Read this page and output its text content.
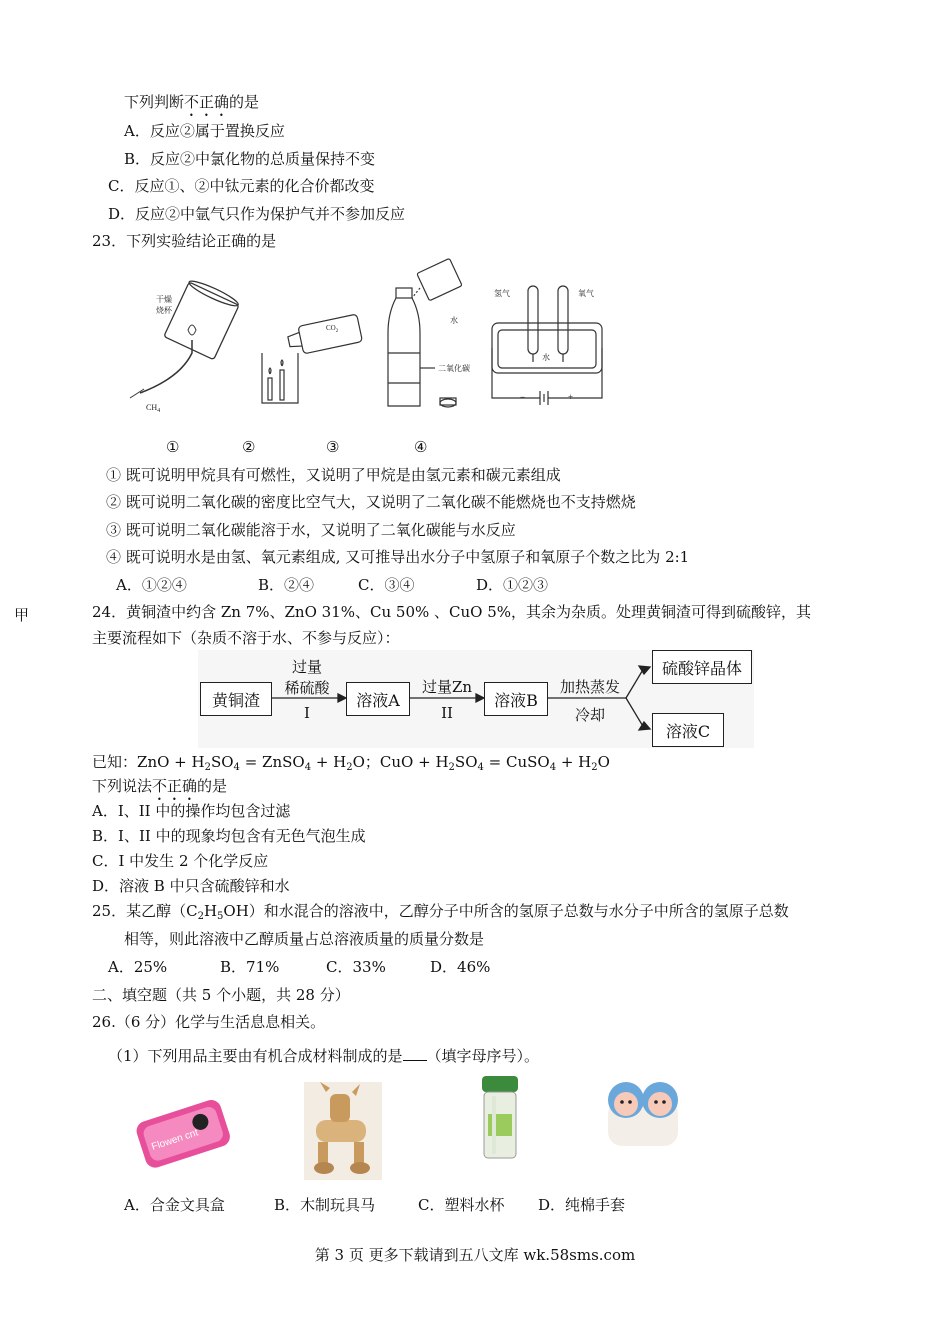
下列判断不正确的是
A．反应②属于置换反应
B．反应②中氯化物的总质量保持不变
C．反应①、②中钛元素的化合价都改变
D．反应②中氩气只作为保护气并不参加反应
23．下列实验结论正确的是
干燥
烧杯
$CH_4$
$CO_2$
水
二氧化碳
氢气	氧气
水
−	+
①	②	③	④
① 既可说明甲烷具有可燃性，又说明了甲烷是由氢元素和碳元素组成
② 既可说明二氧化碳的密度比空气大，又说明了二氧化碳不能燃烧也不支持燃烧
③ 既可说明二氧化碳能溶于水，又说明了二氧化碳能与水反应
④ 既可说明水是由氢、氧元素组成, 又可推导出水分子中氢原子和氧原子个数之比为 2:1
A．①②④	B．②④	C．③④	D．①②③
甲	24．黄铜渣中约含 Zn 7%、ZnO 31%、Cu 50% 、CuO 5%，其余为杂质。处理黄铜渣可得到硫酸锌，其
主要流程如下（杂质不溶于水、不参与反应）：
黄铜渣	溶液A	溶液B
硫酸锌晶体
溶液C
过量
稀硫酸
I
过量Zn
II
加热蒸发
冷却
已知：ZnO + $H_2SO_4$ = ZnSO$_4$ + $H_2O$；CuO + $H_2SO_4$ = CuSO$_4$ + $H_2O$
下列说法不正确的是
A．I、II 中的操作均包含过滤
B．I、II 中的现象均包含有无色气泡生成
C．I 中发生 2 个化学反应
D．溶液 B 中只含硫酸锌和水
25．某乙醇$(C_2H_5OH)$和水混合的溶液中，乙醇分子中所含的氢原子总数与水分子中所含的氢原子总数
相等，则此溶液中乙醇质量占总溶液质量的质量分数是
A．25%	B．71%	C．33%	D．46%
二、填空题（共 5 个小题，共 28 分）
26.（6 分）化学与生活息息相关。
（1）下列用品主要由有机合成材料制成的是 （填字母序号）。
Flowen cnt
A．合金文具盒	B．木制玩具马	C．塑料水杯 D．纯棉手套
第 3 页 更多下载请到五八文库 wk.58sms.com
